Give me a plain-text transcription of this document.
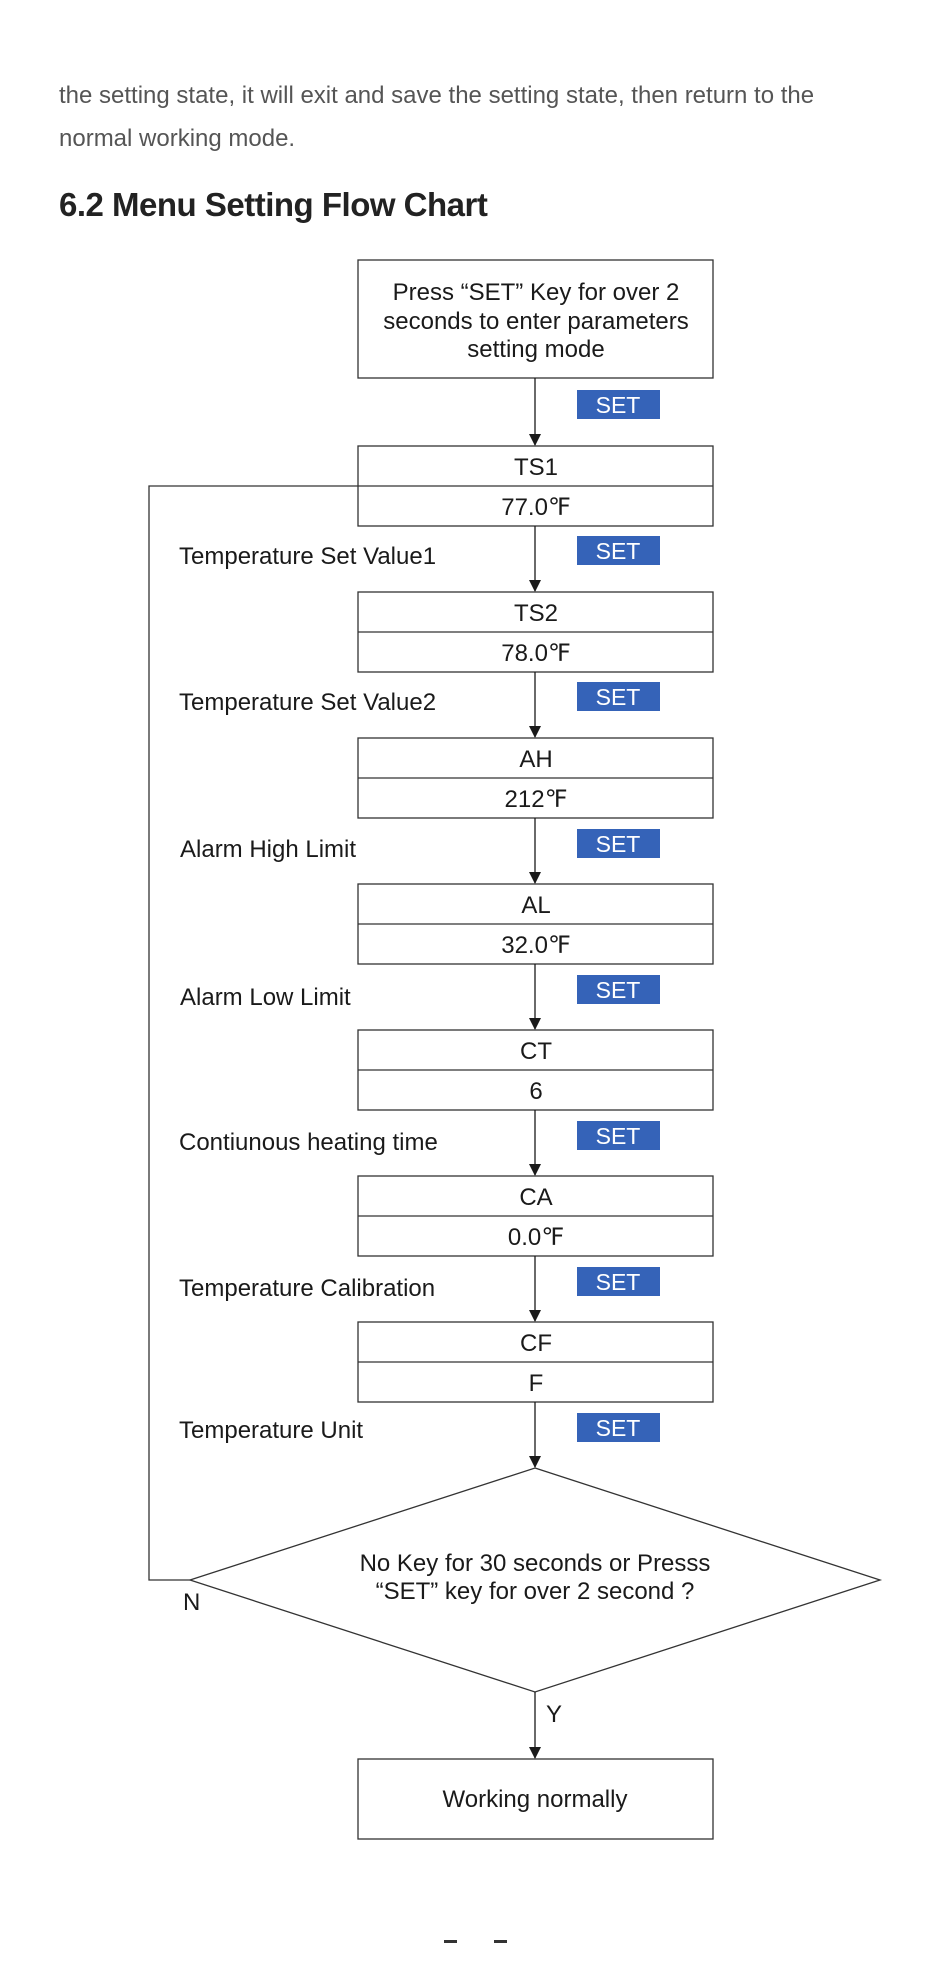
the setting state, it will exit and save the setting state, then return to the
normal working mode.

6.2 Menu Setting Flow Chart
Press “SET” Key for over 2
seconds to enter parameters
setting mode
SET
TS1
77.0℉
Temperature Set Value1	SET
TS2
78.0℉
Temperature Set Value2	SET
AH
212℉
Alarm High Limit	SET
AL
32.0℉
Alarm Low Limit	SET
CT
6
Contiunous heating time	SET
CA
0.0℉
Temperature Calibration	SET
CF
F
Temperature Unit	SET
No Key for 30 seconds or Presss
“SET” key for over 2 second ?
N
Y
Working normally
